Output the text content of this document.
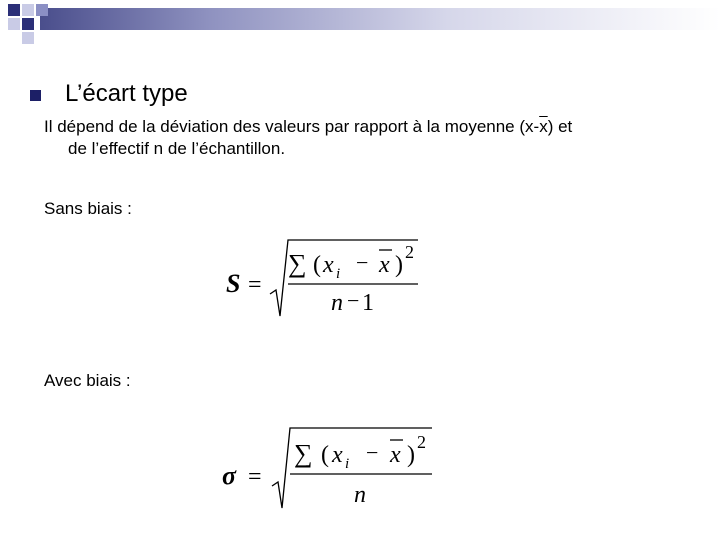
L’écart type
Il dépend de la déviation des valeurs par rapport à la moyenne $(x-\overline{x})$ et
de l’effectif n de l’échantillon.
Sans biais :
S =
∑ ( x i − x ) 2
n − 1
Avec biais :
σ =
∑ ( x i − x ) 2
n
